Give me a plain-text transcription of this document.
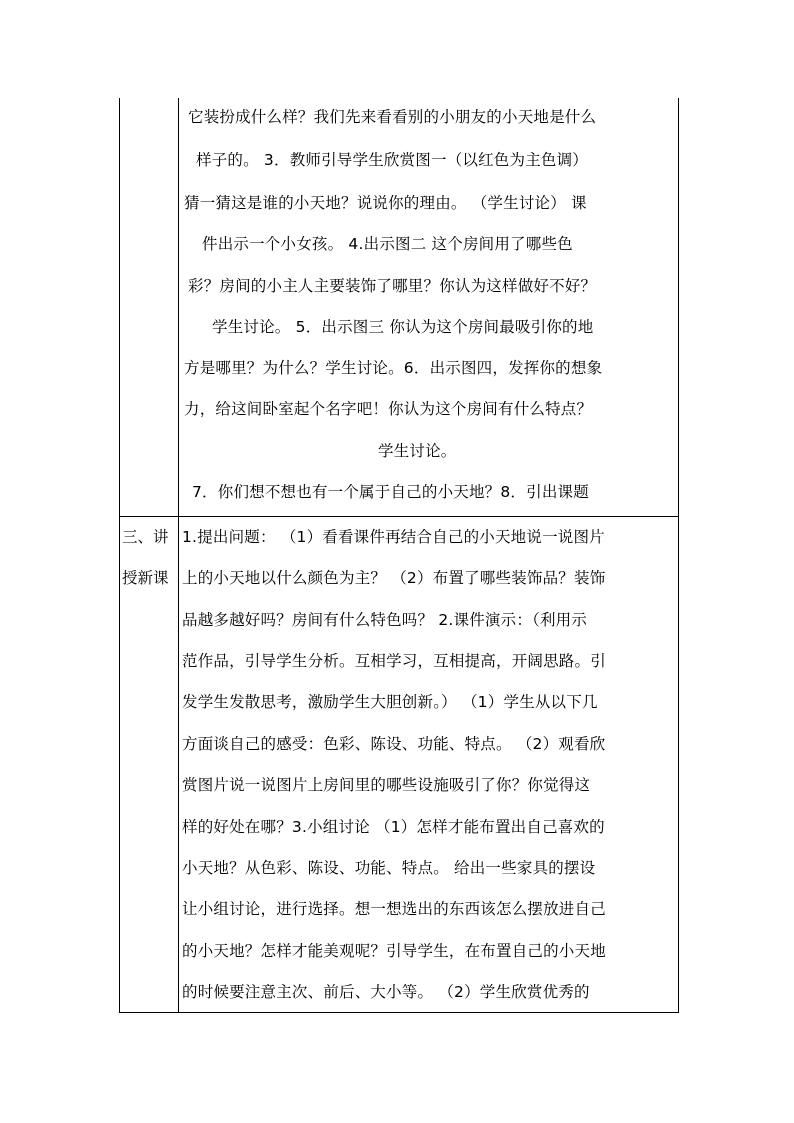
它装扮成什么样？我们先来看看别的小朋友的小天地是什么
样子的。 3．教师引导学生欣赏图一（以红色为主色调）
猜一猜这是谁的小天地？说说你的理由。 （学生讨论） 课
件出示一个小女孩。 4.出示图二 这个房间用了哪些色
彩？房间的小主人主要装饰了哪里？你认为这样做好不好？
学生讨论。 5．出示图三 你认为这个房间最吸引你的地
方是哪里？为什么？学生讨论。6．出示图四，发挥你的想象
力，给这间卧室起个名字吧！你认为这个房间有什么特点？
学生讨论。
7．你们想不想也有一个属于自己的小天地？8．引出课题
三、讲
授新课
1.提出问题： （1）看看课件再结合自己的小天地说一说图片
上的小天地以什么颜色为主？ （2）布置了哪些装饰品？装饰
品越多越好吗？房间有什么特色吗？ 2.课件演示：（利用示
范作品，引导学生分析。互相学习，互相提高，开阔思路。引
发学生发散思考，激励学生大胆创新。） （1）学生从以下几
方面谈自己的感受：色彩、陈设、功能、特点。 （2）观看欣
赏图片说一说图片上房间里的哪些设施吸引了你？你觉得这
样的好处在哪？3.小组讨论 （1）怎样才能布置出自己喜欢的
小天地？从色彩、陈设、功能、特点。 给出一些家具的摆设
让小组讨论，进行选择。想一想选出的东西该怎么摆放进自己
的小天地？怎样才能美观呢？引导学生，在布置自己的小天地
的时候要注意主次、前后、大小等。 （2）学生欣赏优秀的
